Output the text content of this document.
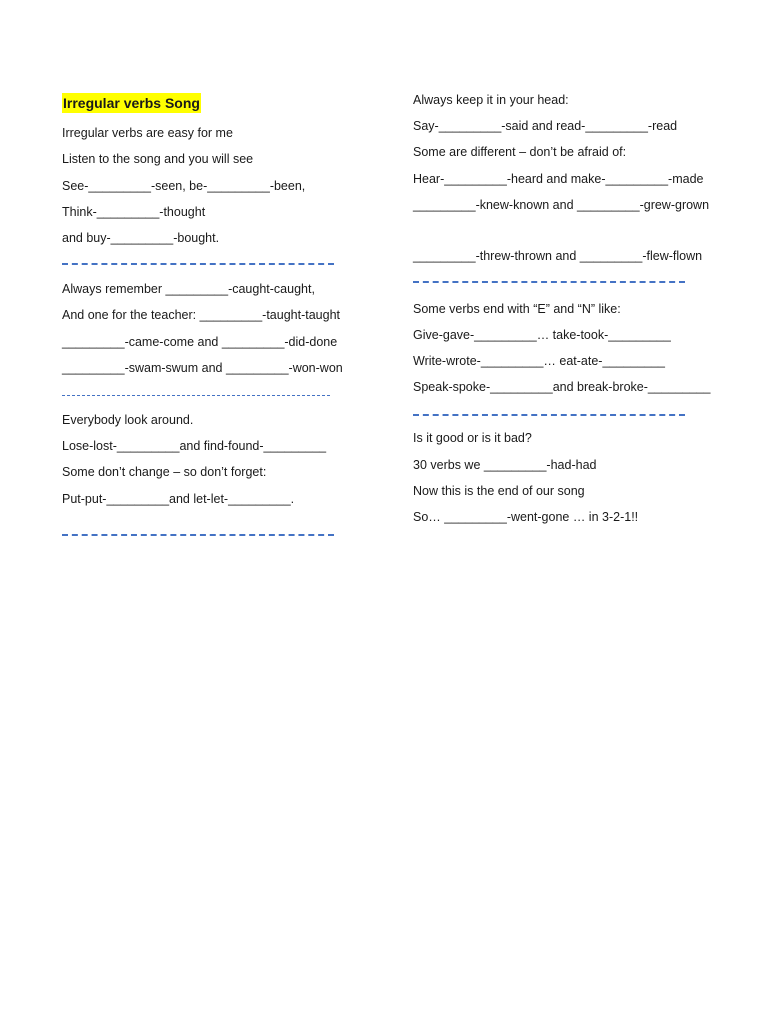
Irregular verbs Song
Irregular verbs are easy for me
Listen to the song and you will see
See-_________-seen, be-_________-been,
Think-_________-thought
and buy-_________-bought.
Always remember _________-caught-caught,
And one for the teacher: _________-taught-taught
_________-came-come and _________-did-done
_________-swam-swum and _________-won-won
Everybody look around.
Lose-lost-_________and find-found-_________
Some don’t change – so don’t forget:
Put-put-_________and let-let-_________.
Always keep it in your head:
Say-_________-said and read-_________-read
Some are different – don’t be afraid of:
Hear-_________-heard and make-_________-made
_________-knew-known and _________-grew-grown
_________-threw-thrown and _________-flew-flown
Some verbs end with “E” and “N” like:
Give-gave-_________… take-took-_________
Write-wrote-_________… eat-ate-_________
Speak-spoke-_________and break-broke-_________
Is it good or is it bad?
30 verbs we _________-had-had
Now this is the end of our song
So… _________-went-gone … in 3-2-1!!
